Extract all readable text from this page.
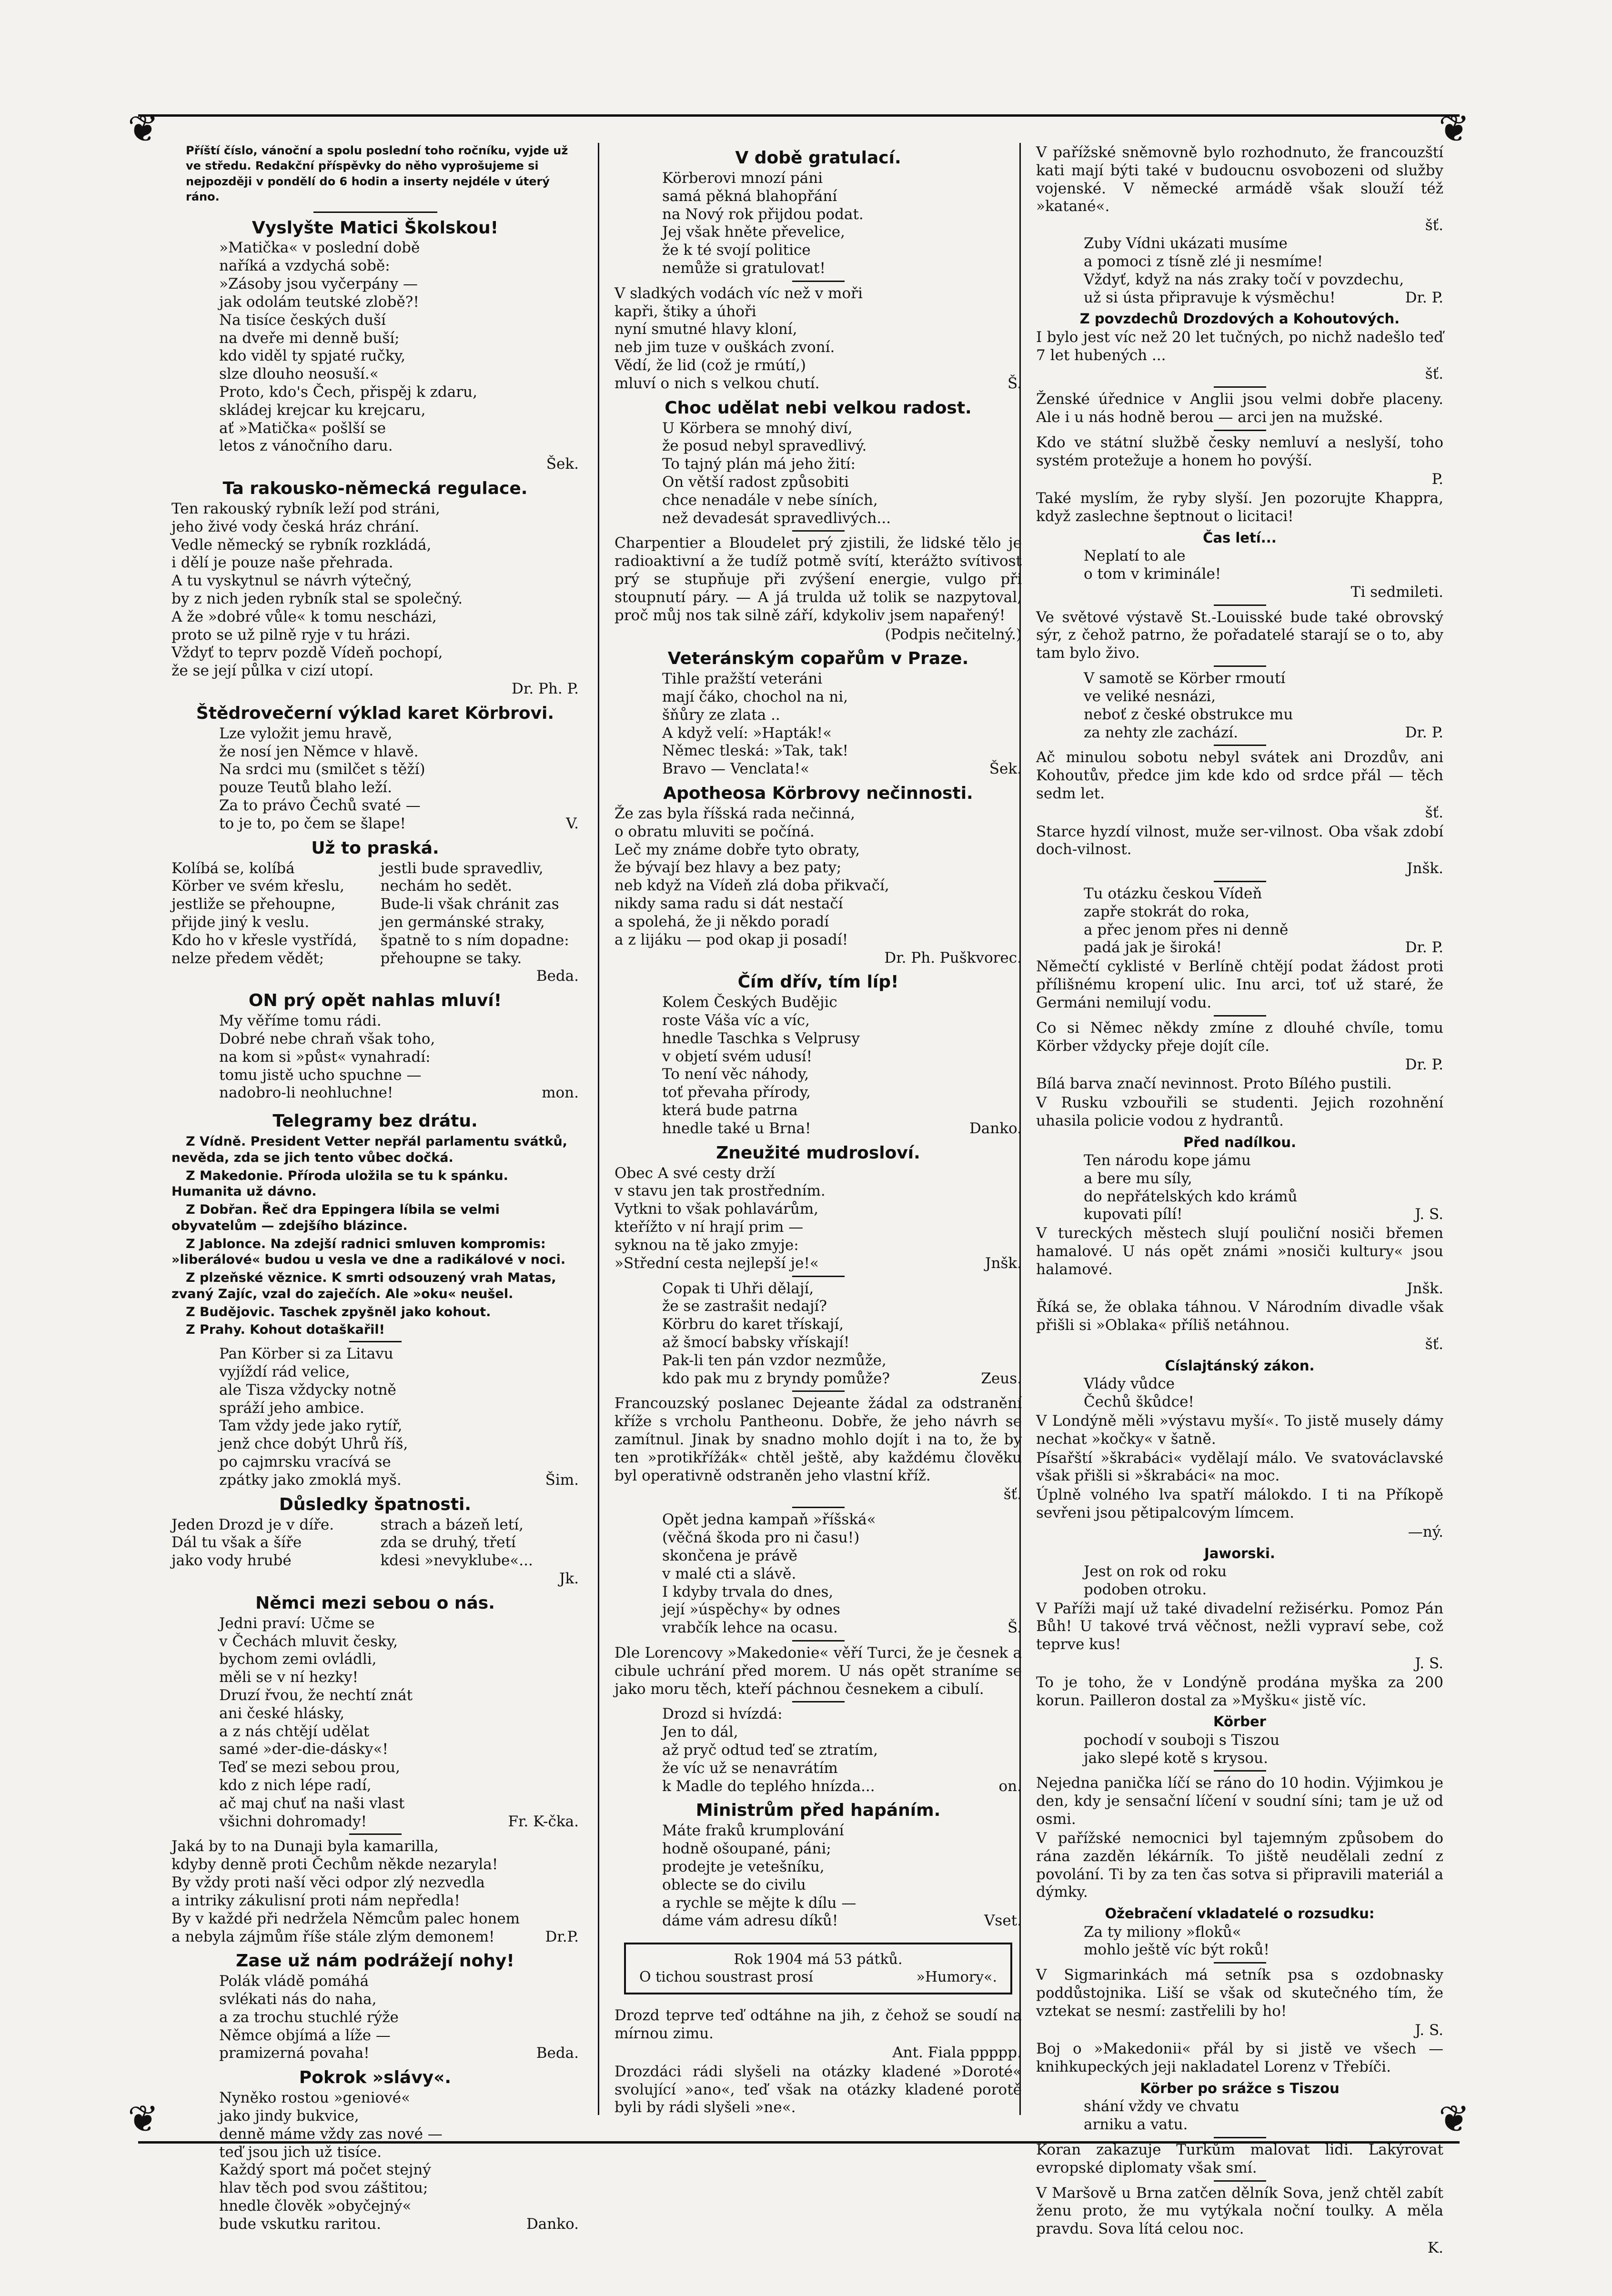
❦	❦
❦	❦
Příští číslo, vánoční a spolu poslední toho ročníku, vyjde už ve středu. Redakční příspěvky do něho vyprošujeme si nejpozději v pondělí do 6 hodin a inserty nejdéle v úterý ráno.
Vyslyšte Matici Školskou!
»Matička« v poslední době
naříká a vzdychá sobě:
»Zásoby jsou vyčerpány —
jak odolám teutské zlobě?!
Na tisíce českých duší
na dveře mi denně buší;
kdo viděl ty spjaté ručky,
slze dlouho neosuší.«
Proto, kdo's Čech, přispěj k zdaru,
skládej krejcar ku krejcaru,
ať »Matička« pošlší se
letos z vánočního daru.
Šek.
Ta rakousko-německá regulace.
Ten rakouský rybník leží pod stráni,
jeho živé vody česká hráz chrání.
Vedle německý se rybník rozkládá,
i dělí je pouze naše přehrada.
A tu vyskytnul se návrh výtečný,
by z nich jeden rybník stal se společný.
A že »dobré vůle« k tomu nescházi,
proto se už pilně ryje v tu hrázi.
Vždyť to teprv pozdě Vídeň pochopí,
že se její půlka v cizí utopí.
Dr. Ph. P.
Štědrovečerní výklad karet Körbrovi.
Lze vyložit jemu hravě,
že nosí jen Němce v hlavě.
Na srdci mu (smilčet s těží)
pouze Teutů blaho leží.
Za to právo Čechů svaté —
to je to, po čem se šlape!	V.
Už to praská.
Kolíbá se, kolíbá
Körber ve svém křeslu,
jestliže se přehoupne,
přijde jiný k veslu.
Kdo ho v křesle vystřídá,
nelze předem vědět;
jestli bude spravedliv,
nechám ho sedět.
Bude-li však chránit zas
jen germánské straky,
špatně to s ním dopadne:
přehoupne se taky.
Beda.
ON prý opět nahlas mluví!
My věříme tomu rádi.
Dobré nebe chraň však toho,
na kom si »půst« vynahradí:
tomu jistě ucho spuchne —
nadobro-li neohluchne!	mon.
Telegramy bez drátu.
Z Vídně. President Vetter nepřál parlamentu svátků, nevěda, zda se jich tento vůbec dočká.
Z Makedonie. Příroda uložila se tu k spánku. Humanita už dávno.
Z Dobřan. Řeč dra Eppingera líbila se velmi obyvatelům — zdejšího blázince.
Z Jablonce. Na zdejší radnici smluven kompromis: »liberálové« budou u vesla ve dne a radikálové v noci.
Z plzeňské věznice. K smrti odsouzený vrah Matas, zvaný Zajíc, vzal do zaječích. Ale »oku« neušel.
Z Budějovic. Taschek zpyšněl jako kohout.
Z Prahy. Kohout dotaškařil!
Pan Körber si za Litavu
vyjíždí rád velice,
ale Tisza vždycky notně
spráží jeho ambice.
Tam vždy jede jako rytíř,
jenž chce dobýt Uhrů říš,
po cajmrsku vracívá se
zpátky jako zmoklá myš.	Šim.
Důsledky špatnosti.
Jeden Drozd je v díře.
Dál tu však a šíře
jako vody hrubé
strach a bázeň letí,
zda se druhý, třetí
kdesi »nevyklube«...
Jk.
Němci mezi sebou o nás.
Jedni praví: Učme se
v Čechách mluvit česky,
bychom zemi ovládli,
měli se v ní hezky!
Druzí řvou, že nechtí znát
ani české hlásky,
a z nás chtějí udělat
samé »der-die-dásky«!
Teď se mezi sebou prou,
kdo z nich lépe radí,
ač maj chuť na naši vlast
všichni dohromady!	Fr. K-čka.
Jaká by to na Dunaji byla kamarilla,
kdyby denně proti Čechům někde nezaryla!
By vždy proti naší věci odpor zlý nezvedla
a intriky zákulisní proti nám nepředla!
By v každé při nedržela Němcům palec honem
a nebyla zájmům říše stále zlým demonem!	Dr.P.
Zase už nám podrážejí nohy!
Polák vládě pomáhá
svlékati nás do naha,
a za trochu stuchlé rýže
Němce objímá a líže —
pramizerná povaha!	Beda.
Pokrok »slávy«.
Nyněko rostou »geniové«
jako jindy bukvice,
denně máme vždy zas nové —
teď jsou jich už tisíce.
Každý sport má počet stejný
hlav těch pod svou záštitou;
hnedle člověk »obyčejný«
bude vskutku raritou.	Danko.
V době gratulací.
Körberovi mnozí páni
samá pěkná blahopřání
na Nový rok přijdou podat.
Jej však hněte převelice,
že k té svojí politice
nemůže si gratulovat!
V sladkých vodách víc než v moři
kapři, štiky a úhoři
nyní smutné hlavy kloní,
neb jim tuze v ouškách zvoní.
Vědí, že lid (což je rmútí,)
mluví o nich s velkou chutí.	Š.
Choc udělat nebi velkou radost.
U Körbera se mnohý diví,
že posud nebyl spravedlivý.
To tajný plán má jeho žití:
On větší radost způsobiti
chce nenadále v nebe síních,
než devadesát spravedlivých...
Charpentier a Bloudelet prý zjistili, že lidské tělo je radioaktivní a že tudíž potmě svítí, kterážto svítivost prý se stupňuje při zvýšení energie, vulgo při stoupnutí páry. — A já trulda už tolik se nazpytoval, proč můj nos tak silně září, kdykoliv jsem napařený!
(Podpis nečitelný.)
Veteránským copařům v Praze.
Tihle pražští veteráni
mají čáko, chochol na ni,
šňůry ze zlata ..
A když velí: »Hapták!«
Němec tleská: »Tak, tak!
Bravo — Venclata!«	Šek.
Apotheosa Körbrovy nečinnosti.
Že zas byla říšská rada nečinná,
o obratu mluviti se počíná.
Leč my známe dobře tyto obraty,
že bývají bez hlavy a bez paty;
neb když na Vídeň zlá doba přikvačí,
nikdy sama radu si dát nestačí
a spolehá, že ji někdo poradí
a z lijáku — pod okap ji posadí!
Dr. Ph. Puškvorec.
Čím dřív, tím líp!
Kolem Českých Budějic
roste Váša víc a víc,
hnedle Taschka s Velprusy
v objetí svém udusí!
To není věc náhody,
toť převaha přírody,
která bude patrna
hnedle také u Brna!	Danko.
Zneužité mudrosloví.
Obec A své cesty drží
v stavu jen tak prostředním.
Vytkni to však pohlavárům,
kteřížto v ní hrají prim —
syknou na tě jako zmyje:
»Střední cesta nejlepší je!«	Jnšk.
Copak ti Uhři dělají,
že se zastrašit nedají?
Körbru do karet třískají,
až šmocí babsky vřískají!
Pak-li ten pán vzdor nezmůže,
kdo pak mu z bryndy pomůže?	Zeus.
Francouzský poslanec Dejeante žádal za odstranění kříže s vrcholu Pantheonu. Dobře, že jeho návrh se zamítnul. Jinak by snadno mohlo dojít i na to, že by ten »protikřížák« chtěl ještě, aby každému člověku byl operativně odstraněn jeho vlastní kříž.
šť.
Opět jedna kampaň »říšská«
(věčná škoda pro ni času!)
skončena je právě
v malé cti a slávě.
I kdyby trvala do dnes,
její »úspěchy« by odnes
vrabčík lehce na ocasu.	Š.
Dle Lorencovy »Makedonie« věří Turci, že je česnek a cibule uchrání před morem. U nás opět straníme se jako moru těch, kteří páchnou česnekem a cibulí.
Drozd si hvízdá:
Jen to dál,
až pryč odtud teď se ztratím,
že víc už se nenavrátím
k Madle do teplého hnízda...	on.
Ministrům před hapáním.
Máte fraků krumplování
hodně ošoupané, páni;
prodejte je vetešníku,
oblecte se do civilu
a rychle se mějte k dílu —
dáme vám adresu díků!	Vset.
Rok 1904 má 53 pátků.
O tichou soustrast prosí	»Humory«.
Drozd teprve teď odtáhne na jih, z čehož se soudí na mírnou zimu.
Ant. Fiala ppppp.
Drozdáci rádi slyšeli na otázky kladené »Doroté« svolující »ano«, teď však na otázky kladené porotě byli by rádi slyšeli »ne«.
V pařížské sněmovně bylo rozhodnuto, že francouzští kati mají býti také v budoucnu osvobozeni od služby vojenské. V německé armádě však slouží též »katané«.
šť.
Zuby Vídni ukázati musíme
a pomoci z tísně zlé ji nesmíme!
Vždyť, když na nás zraky točí v povzdechu,
už si ústa připravuje k výsměchu!	Dr. P.
Z povzdechů Drozdových a Kohoutových.
I bylo jest víc než 20 let tučných, po nichž nadešlo teď 7 let hubených ...
šť.
Ženské úřednice v Anglii jsou velmi dobře placeny. Ale i u nás hodně berou — arci jen na mužské.
Kdo ve státní službě česky nemluví a neslyší, toho systém protežuje a honem ho povýší.
P.
Také myslím, že ryby slyší. Jen pozorujte Khappra, když zaslechne šeptnout o licitaci!
Čas letí...
Neplatí to ale
o tom v kriminále!
Ti sedmileti.
Ve světové výstavě St.-Louisské bude také obrovský sýr, z čehož patrno, že pořadatelé starají se o to, aby tam bylo živo.
V samotě se Körber rmoutí
ve veliké nesnázi,
neboť z české obstrukce mu
za nehty zle zachází.	Dr. P.
Ač minulou sobotu nebyl svátek ani Drozdův, ani Kohoutův, předce jim kde kdo od srdce přál — těch sedm let.
šť.
Starce hyzdí vilnost, muže ser-vilnost. Oba však zdobí doch-vilnost.
Jnšk.
Tu otázku českou Vídeň
zapře stokrát do roka,
a přec jenom přes ni denně
padá jak je široká!	Dr. P.
Němečtí cyklisté v Berlíně chtějí podat žádost proti přílišnému kropení ulic. Inu arci, toť už staré, že Germáni nemilují vodu.
Co si Němec někdy zmíne z dlouhé chvíle, tomu Körber vždycky přeje dojít cíle.
Dr. P.
Bílá barva značí nevinnost. Proto Bílého pustili.
V Rusku vzbouřili se studenti. Jejich rozohnění uhasila policie vodou z hydrantů.
Před nadílkou.
Ten národu kope jámu
a bere mu síly,
do nepřátelských kdo krámů
kupovati pílí!	J. S.
V tureckých městech slují pouliční nosiči břemen hamalové. U nás opět známi »nosiči kultury« jsou halamové.
Jnšk.
Říká se, že oblaka táhnou. V Národním divadle však přišli si »Oblaka« příliš netáhnou.
šť.
Císlajtánský zákon.
Vlády vůdce
Čechů škůdce!
V Londýně měli »výstavu myší«. To jistě musely dámy nechat »kočky« v šatně.
Písařští »škrabáci« vydělají málo. Ve svatováclavské však přišli si »škrabáci« na moc.
Úplně volného lva spatří málokdo. I ti na Příkopě sevřeni jsou pětipalcovým límcem.
—ný.
Jaworski.
Jest on rok od roku
podoben otroku.
V Paříži mají už také divadelní režisérku. Pomoz Pán Bůh! U takové trvá věčnost, nežli vypraví sebe, což teprve kus!
J. S.
To je toho, že v Londýně prodána myška za 200 korun. Pailleron dostal za »Myšku« jistě víc.
Körber
pochodí v souboji s Tiszou
jako slepé kotě s krysou.
Nejedna panička líčí se ráno do 10 hodin. Výjimkou je den, kdy je sensační líčení v soudní síni; tam je už od osmi.
V pařížské nemocnici byl tajemným způsobem do rána zazděn lékárník. To jiště neudělali zední z povolání. Ti by za ten čas sotva si připravili materiál a dýmky.
Ožebračení vkladatelé o rozsudku:
Za ty miliony »floků«
mohlo ještě víc být roků!
V Sigmarinkách má setník psa s ozdobnasky poddůstojnika. Liší se však od skutečného tím, že vztekat se nesmí: zastřelili by ho!
J. S.
Boj o »Makedonii« přál by si jistě ve všech — knihkupeckých jeji nakladatel Lorenz v Třebíči.
Körber po srážce s Tiszou
shání vždy ve chvatu
arniku a vatu.
Koran zakazuje Turkům malovat lidi. Lakýrovat evropské diplomaty však smí.
V Maršově u Brna zatčen dělník Sova, jenž chtěl zabít ženu proto, že mu vytýkala noční toulky. A měla pravdu. Sova lítá celou noc.
K.
